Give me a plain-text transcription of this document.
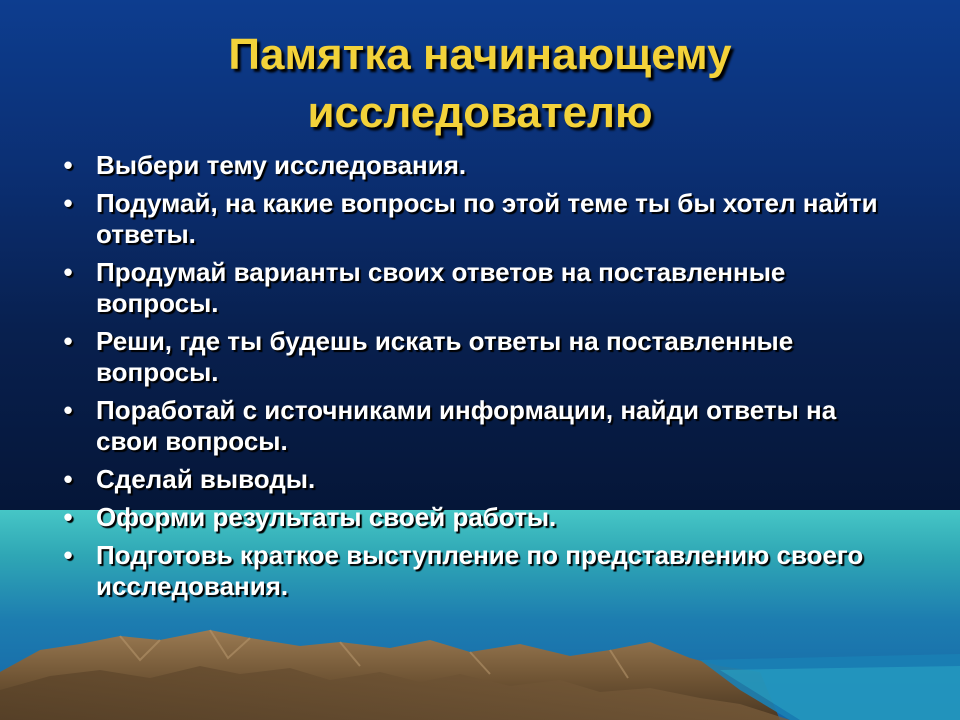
Памятка начинающему
исследователю
• Выбери тему исследования.
• Подумай, на какие вопросы по этой теме ты бы хотел найти ответы.
• Продумай варианты своих ответов на поставленные вопросы.
• Реши, где ты будешь искать ответы на поставленные вопросы.
• Поработай с источниками информации, найди ответы на свои вопросы.
• Сделай выводы.
• Оформи результаты своей работы.
• Подготовь краткое выступление по представлению своего исследования.
